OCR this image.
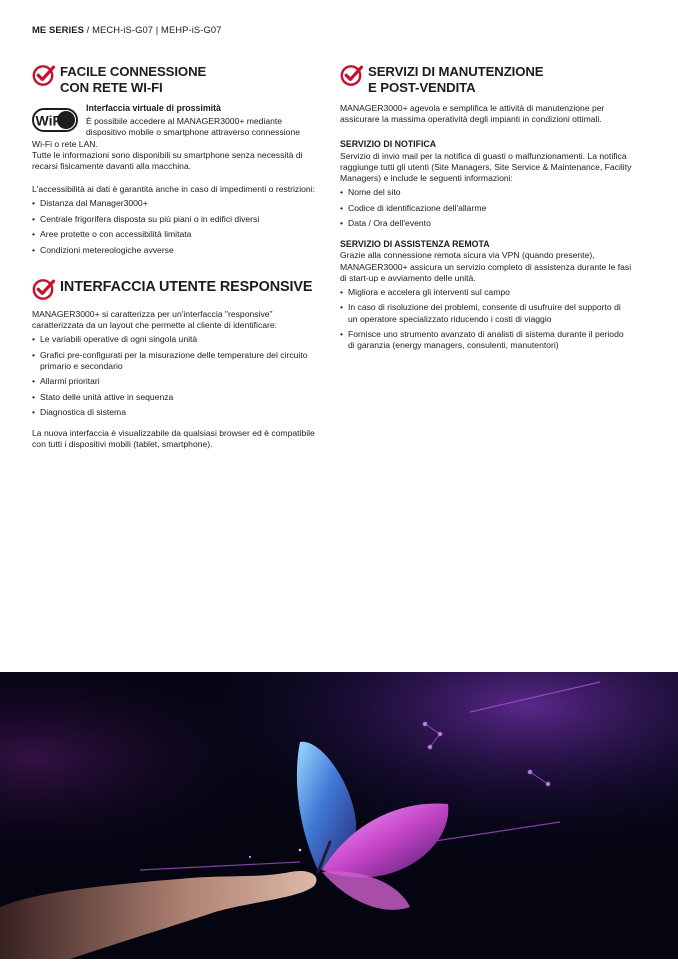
ME SERIES / MECH-iS-G07 | MEHP-iS-G07
FACILE CONNESSIONE
CON RETE WI-FI
WiFi
Interfaccia virtuale di prossimità
È possibile accedere al MANAGER3000+ mediante dispositivo mobile o smartphone attraverso connessione
Wi-Fi o rete LAN.
Tutte le informazioni sono disponibili su smartphone senza necessità di recarsi fisicamente davanti alla macchina.
L'accessibilità ai dati è garantita anche in caso di impedimenti o restrizioni:
• Distanza dal Manager3000+
• Centrale frigorifera disposta su più piani o in edifici diversi
• Aree protette o con accessibilità limitata
• Condizioni metereologiche avverse
INTERFACCIA UTENTE RESPONSIVE
MANAGER3000+ si caratterizza per un'interfaccia "responsive" caratterizzata da un layout che permette al cliente di identificare:
• Le variabili operative di ogni singola unità
• Grafici pre-configurati per la misurazione delle temperature del circuito primario e secondario
• Allarmi prioritari
• Stato delle unità attive in sequenza
• Diagnostica di sistema
La nuova interfaccia è visualizzabile da qualsiasi browser ed è compatibile con tutti i dispositivi mobili (tablet, smartphone).
SERVIZI DI MANUTENZIONE
E POST-VENDITA
MANAGER3000+ agevola e semplifica le attività di manutenzione per assicurare la massima operatività degli impianti in condizioni ottimali.
SERVIZIO DI NOTIFICA
Servizio di invio mail per la notifica di guasti o malfunzionamenti. La notifica raggiunge tutti gli utenti (Site Managers, Site Service & Maintenance, Facility Managers) e include le seguenti informazioni:
• Nome del sito
• Codice di identificazione dell'allarme
• Data / Ora dell'evento
SERVIZIO DI ASSISTENZA REMOTA
Grazie alla connessione remota sicura via VPN (quando presente), MANAGER3000+ assicura un servizio completo di assistenza durante le fasi di start-up e avviamento delle unità.
• Migliora e accelera gli interventi sul campo
• In caso di risoluzione dei problemi, consente di usufruire del supporto di un operatore specializzato riducendo i costi di viaggio
• Fornisce uno strumento avanzato di analisti di sistema durante il periodo di garanzia (energy managers, consulenti, manutentori)
